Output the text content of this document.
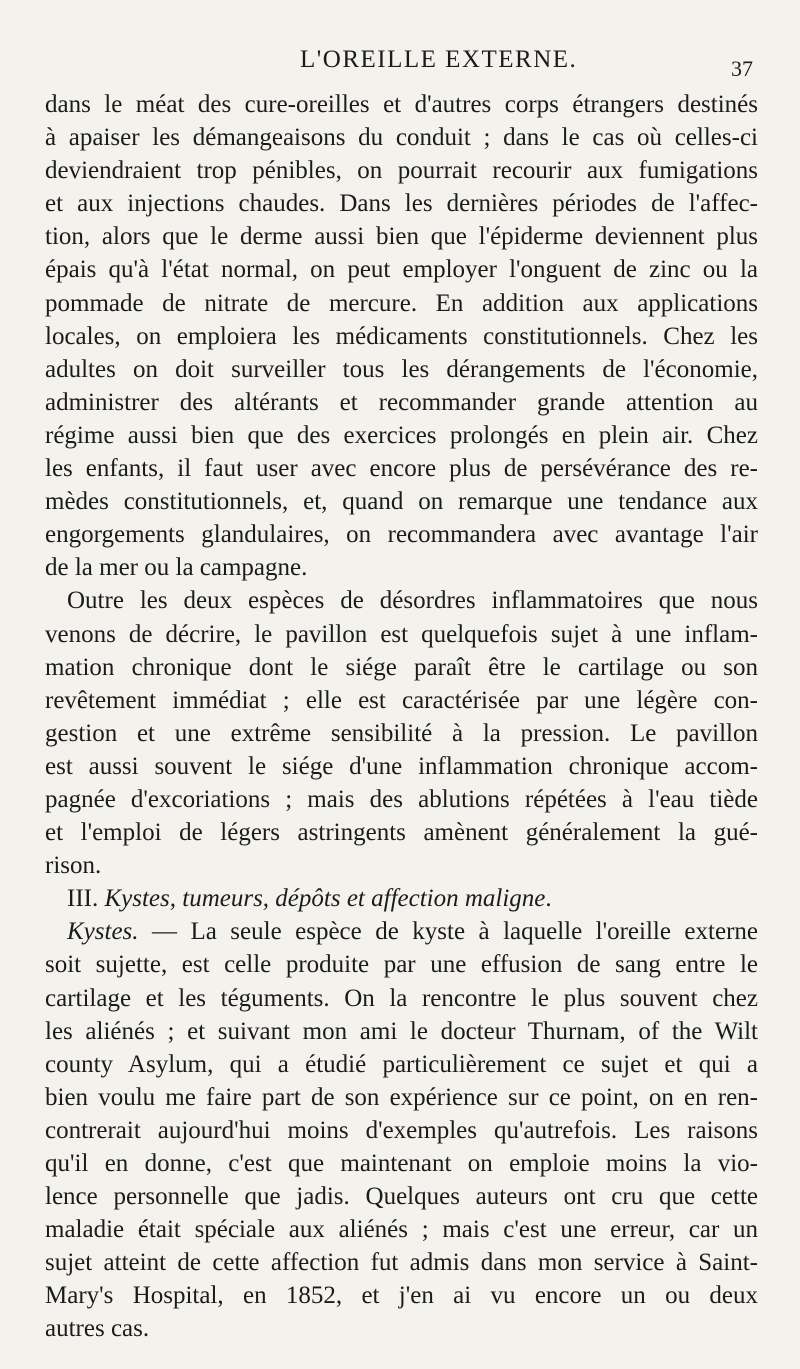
L'OREILLE EXTERNE.	37
dans le méat des cure-oreilles et d'autres corps étrangers destinés
à apaiser les démangeaisons du conduit ; dans le cas où celles-ci
deviendraient trop pénibles, on pourrait recourir aux fumigations
et aux injections chaudes. Dans les dernières périodes de l'affec-
tion, alors que le derme aussi bien que l'épiderme deviennent plus
épais qu'à l'état normal, on peut employer l'onguent de zinc ou la
pommade de nitrate de mercure. En addition aux applications
locales, on emploiera les médicaments constitutionnels. Chez les
adultes on doit surveiller tous les dérangements de l'économie,
administrer des altérants et recommander grande attention au
régime aussi bien que des exercices prolongés en plein air. Chez
les enfants, il faut user avec encore plus de persévérance des re-
mèdes constitutionnels, et, quand on remarque une tendance aux
engorgements glandulaires, on recommandera avec avantage l'air
de la mer ou la campagne.
Outre les deux espèces de désordres inflammatoires que nous
venons de décrire, le pavillon est quelquefois sujet à une inflam-
mation chronique dont le siége paraît être le cartilage ou son
revêtement immédiat ; elle est caractérisée par une légère con-
gestion et une extrême sensibilité à la pression. Le pavillon
est aussi souvent le siége d'une inflammation chronique accom-
pagnée d'excoriations ; mais des ablutions répétées à l'eau tiède
et l'emploi de légers astringents amènent généralement la gué-
rison.
III. Kystes, tumeurs, dépôts et affection maligne.
Kystes. — La seule espèce de kyste à laquelle l'oreille externe
soit sujette, est celle produite par une effusion de sang entre le
cartilage et les téguments. On la rencontre le plus souvent chez
les aliénés ; et suivant mon ami le docteur Thurnam, of the Wilt
county Asylum, qui a étudié particulièrement ce sujet et qui a
bien voulu me faire part de son expérience sur ce point, on en ren-
contrerait aujourd'hui moins d'exemples qu'autrefois. Les raisons
qu'il en donne, c'est que maintenant on emploie moins la vio-
lence personnelle que jadis. Quelques auteurs ont cru que cette
maladie était spéciale aux aliénés ; mais c'est une erreur, car un
sujet atteint de cette affection fut admis dans mon service à Saint-
Mary's Hospital, en 1852, et j'en ai vu encore un ou deux
autres cas.
